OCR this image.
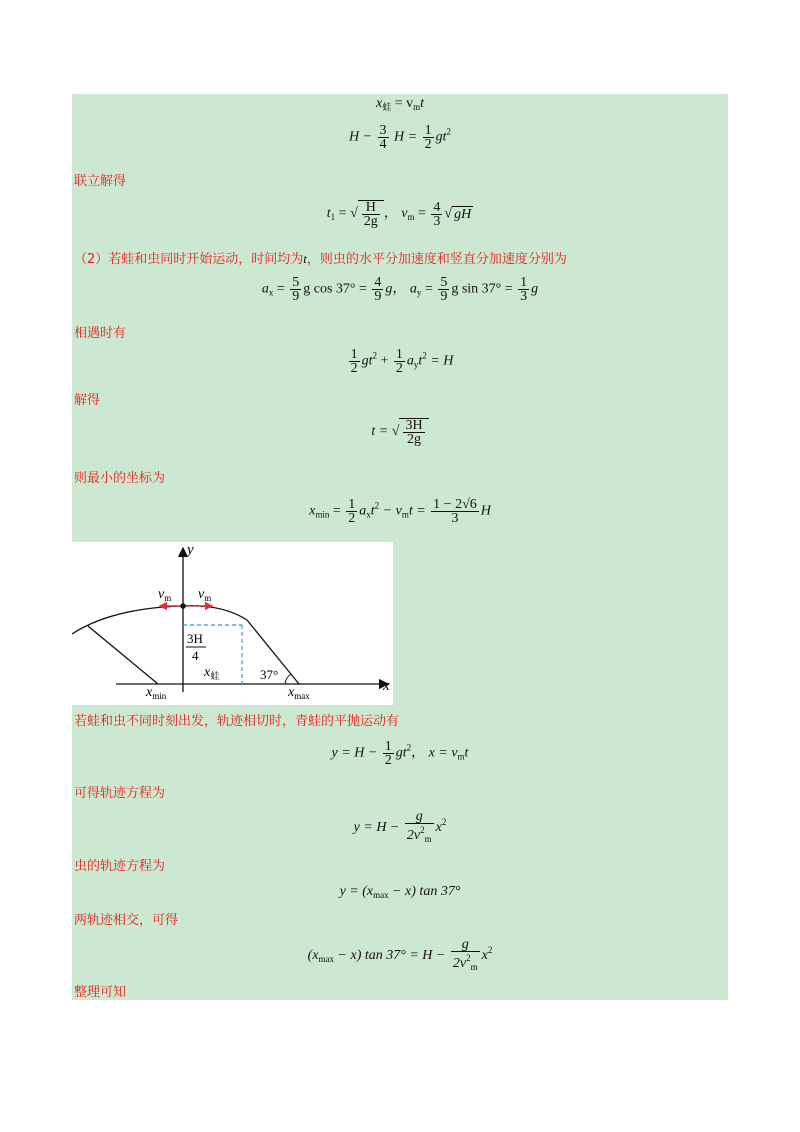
$x_蛙 = v_mt$
$H - \frac{3}{4}$ $H = \frac{1}{2} gt^2$
联立解得
$t_1$ = √ $\frac{H}{2g}$ ， $v_m = \frac{4}{3}$ √ gH
（2）若蛙和虫同时开始运动，时间均为t，则虫的水平分加速度和竖直分加速度分别为
$a_x = \frac{5}{9}$ g $\cos 37^\circ = \frac{4}{9}$ g， $a_y = \frac{5}{9}$ g $\sin 37^\circ = \frac{1}{3}$ g
相遇时有
$\frac{1}{2} gt^2 + \frac{1}{2} a_yt^2 = H$
解得
t = √ $\frac{3H}{2g}$
则最小的坐标为
$x_{min} = \frac{1}{2} a_xt^2 - v_mt = \frac{1 - 2√6}{3}$ H
y
x
$v_m$ $v_m$
3H
4
$x_蛙$	37°
$x_{min}$	$x_{max}$
若蛙和虫不同时刻出发，轨迹相切时，青蛙的平抛运动有
$y = H - \frac{1}{2} gt^2$， $x = v_mt$
可得轨迹方程为
$y = H - \frac{g}{2v^2_m} x^2$
虫的轨迹方程为
$y = (x_{max} - x)$ tan 37°
两轨迹相交，可得
$(x_{max} - x)$ $\tan 37^\circ = H - \frac{g}{2v^2_m} x^2$
整理可知
